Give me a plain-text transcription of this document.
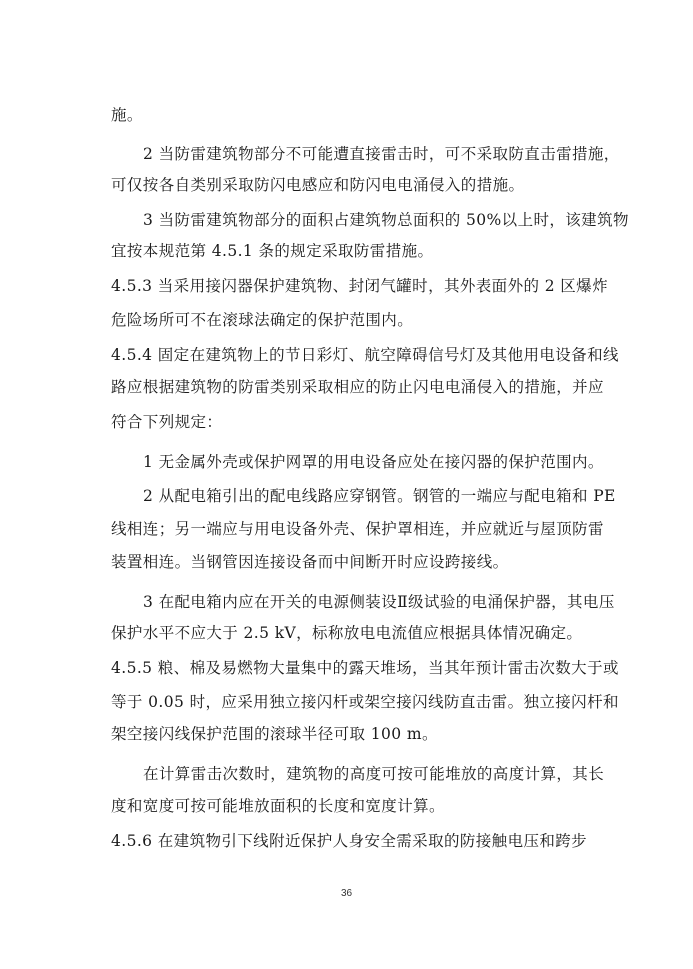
施。
2 当防雷建筑物部分不可能遭直接雷击时，可不采取防直击雷措施，
可仅按各自类别采取防闪电感应和防闪电电涌侵入的措施。
3 当防雷建筑物部分的面积占建筑物总面积的 50%以上时，该建筑物
宜按本规范第 4.5.1 条的规定采取防雷措施。
4.5.3 当采用接闪器保护建筑物、封闭气罐时，其外表面外的 2 区爆炸
危险场所可不在滚球法确定的保护范围内。
4.5.4 固定在建筑物上的节日彩灯、航空障碍信号灯及其他用电设备和线
路应根据建筑物的防雷类别采取相应的防止闪电电涌侵入的措施，并应
符合下列规定：
1 无金属外壳或保护网罩的用电设备应处在接闪器的保护范围内。
2 从配电箱引出的配电线路应穿钢管。钢管的一端应与配电箱和 PE
线相连；另一端应与用电设备外壳、保护罩相连，并应就近与屋顶防雷
装置相连。当钢管因连接设备而中间断开时应设跨接线。
3 在配电箱内应在开关的电源侧装设Ⅱ级试验的电涌保护器，其电压
保护水平不应大于 2.5 kV，标称放电电流值应根据具体情况确定。
4.5.5 粮、棉及易燃物大量集中的露天堆场，当其年预计雷击次数大于或
等于 0.05 时，应采用独立接闪杆或架空接闪线防直击雷。独立接闪杆和
架空接闪线保护范围的滚球半径可取 100 m。
在计算雷击次数时，建筑物的高度可按可能堆放的高度计算，其长
度和宽度可按可能堆放面积的长度和宽度计算。
4.5.6 在建筑物引下线附近保护人身安全需采取的防接触电压和跨步
36
